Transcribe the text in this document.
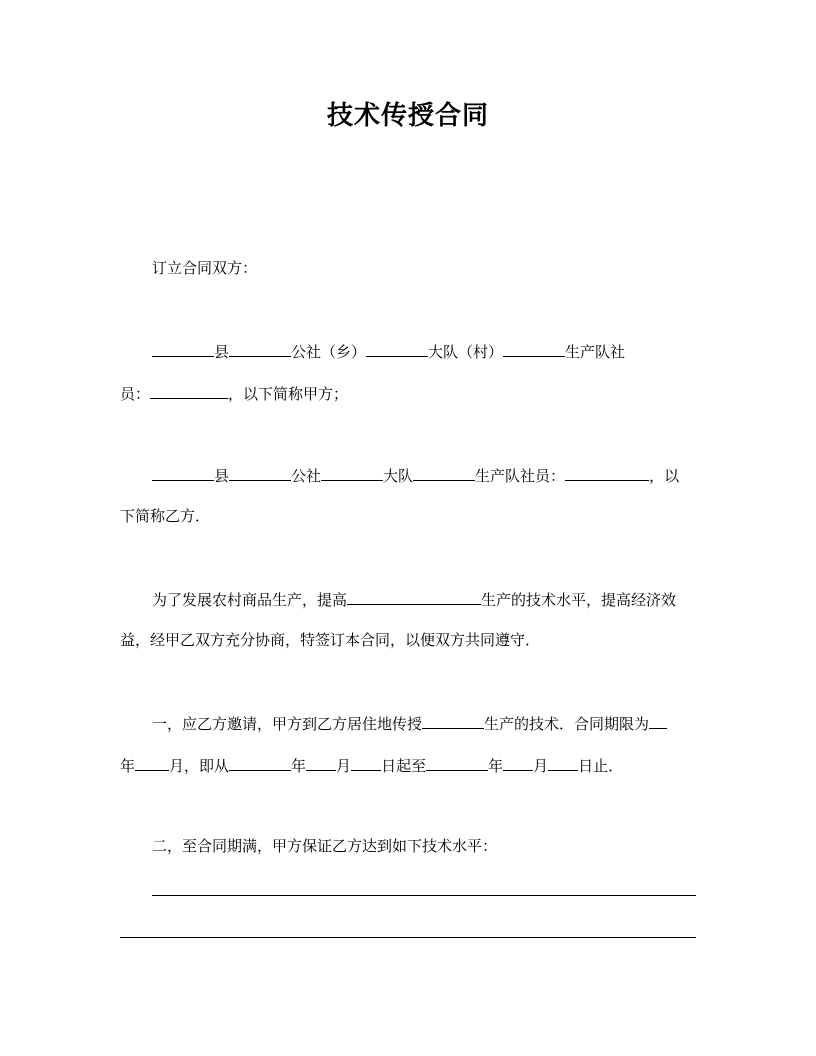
技术传授合同
订立合同双方：
县	公社（乡）	大队（村）	生产队社
员：	，以下简称甲方；
县	公社	大队	生产队社员：	，以
下简称乙方．
为了发展农村商品生产，提高	生产的技术水平，提高经济效
益，经甲乙双方充分协商，特签订本合同，以便双方共同遵守．
一，应乙方邀请，甲方到乙方居住地传授	生产的技术．合同期限为
年 月，即从	年 月 日起至	年 月 日止．
二，至合同期满，甲方保证乙方达到如下技术水平：
